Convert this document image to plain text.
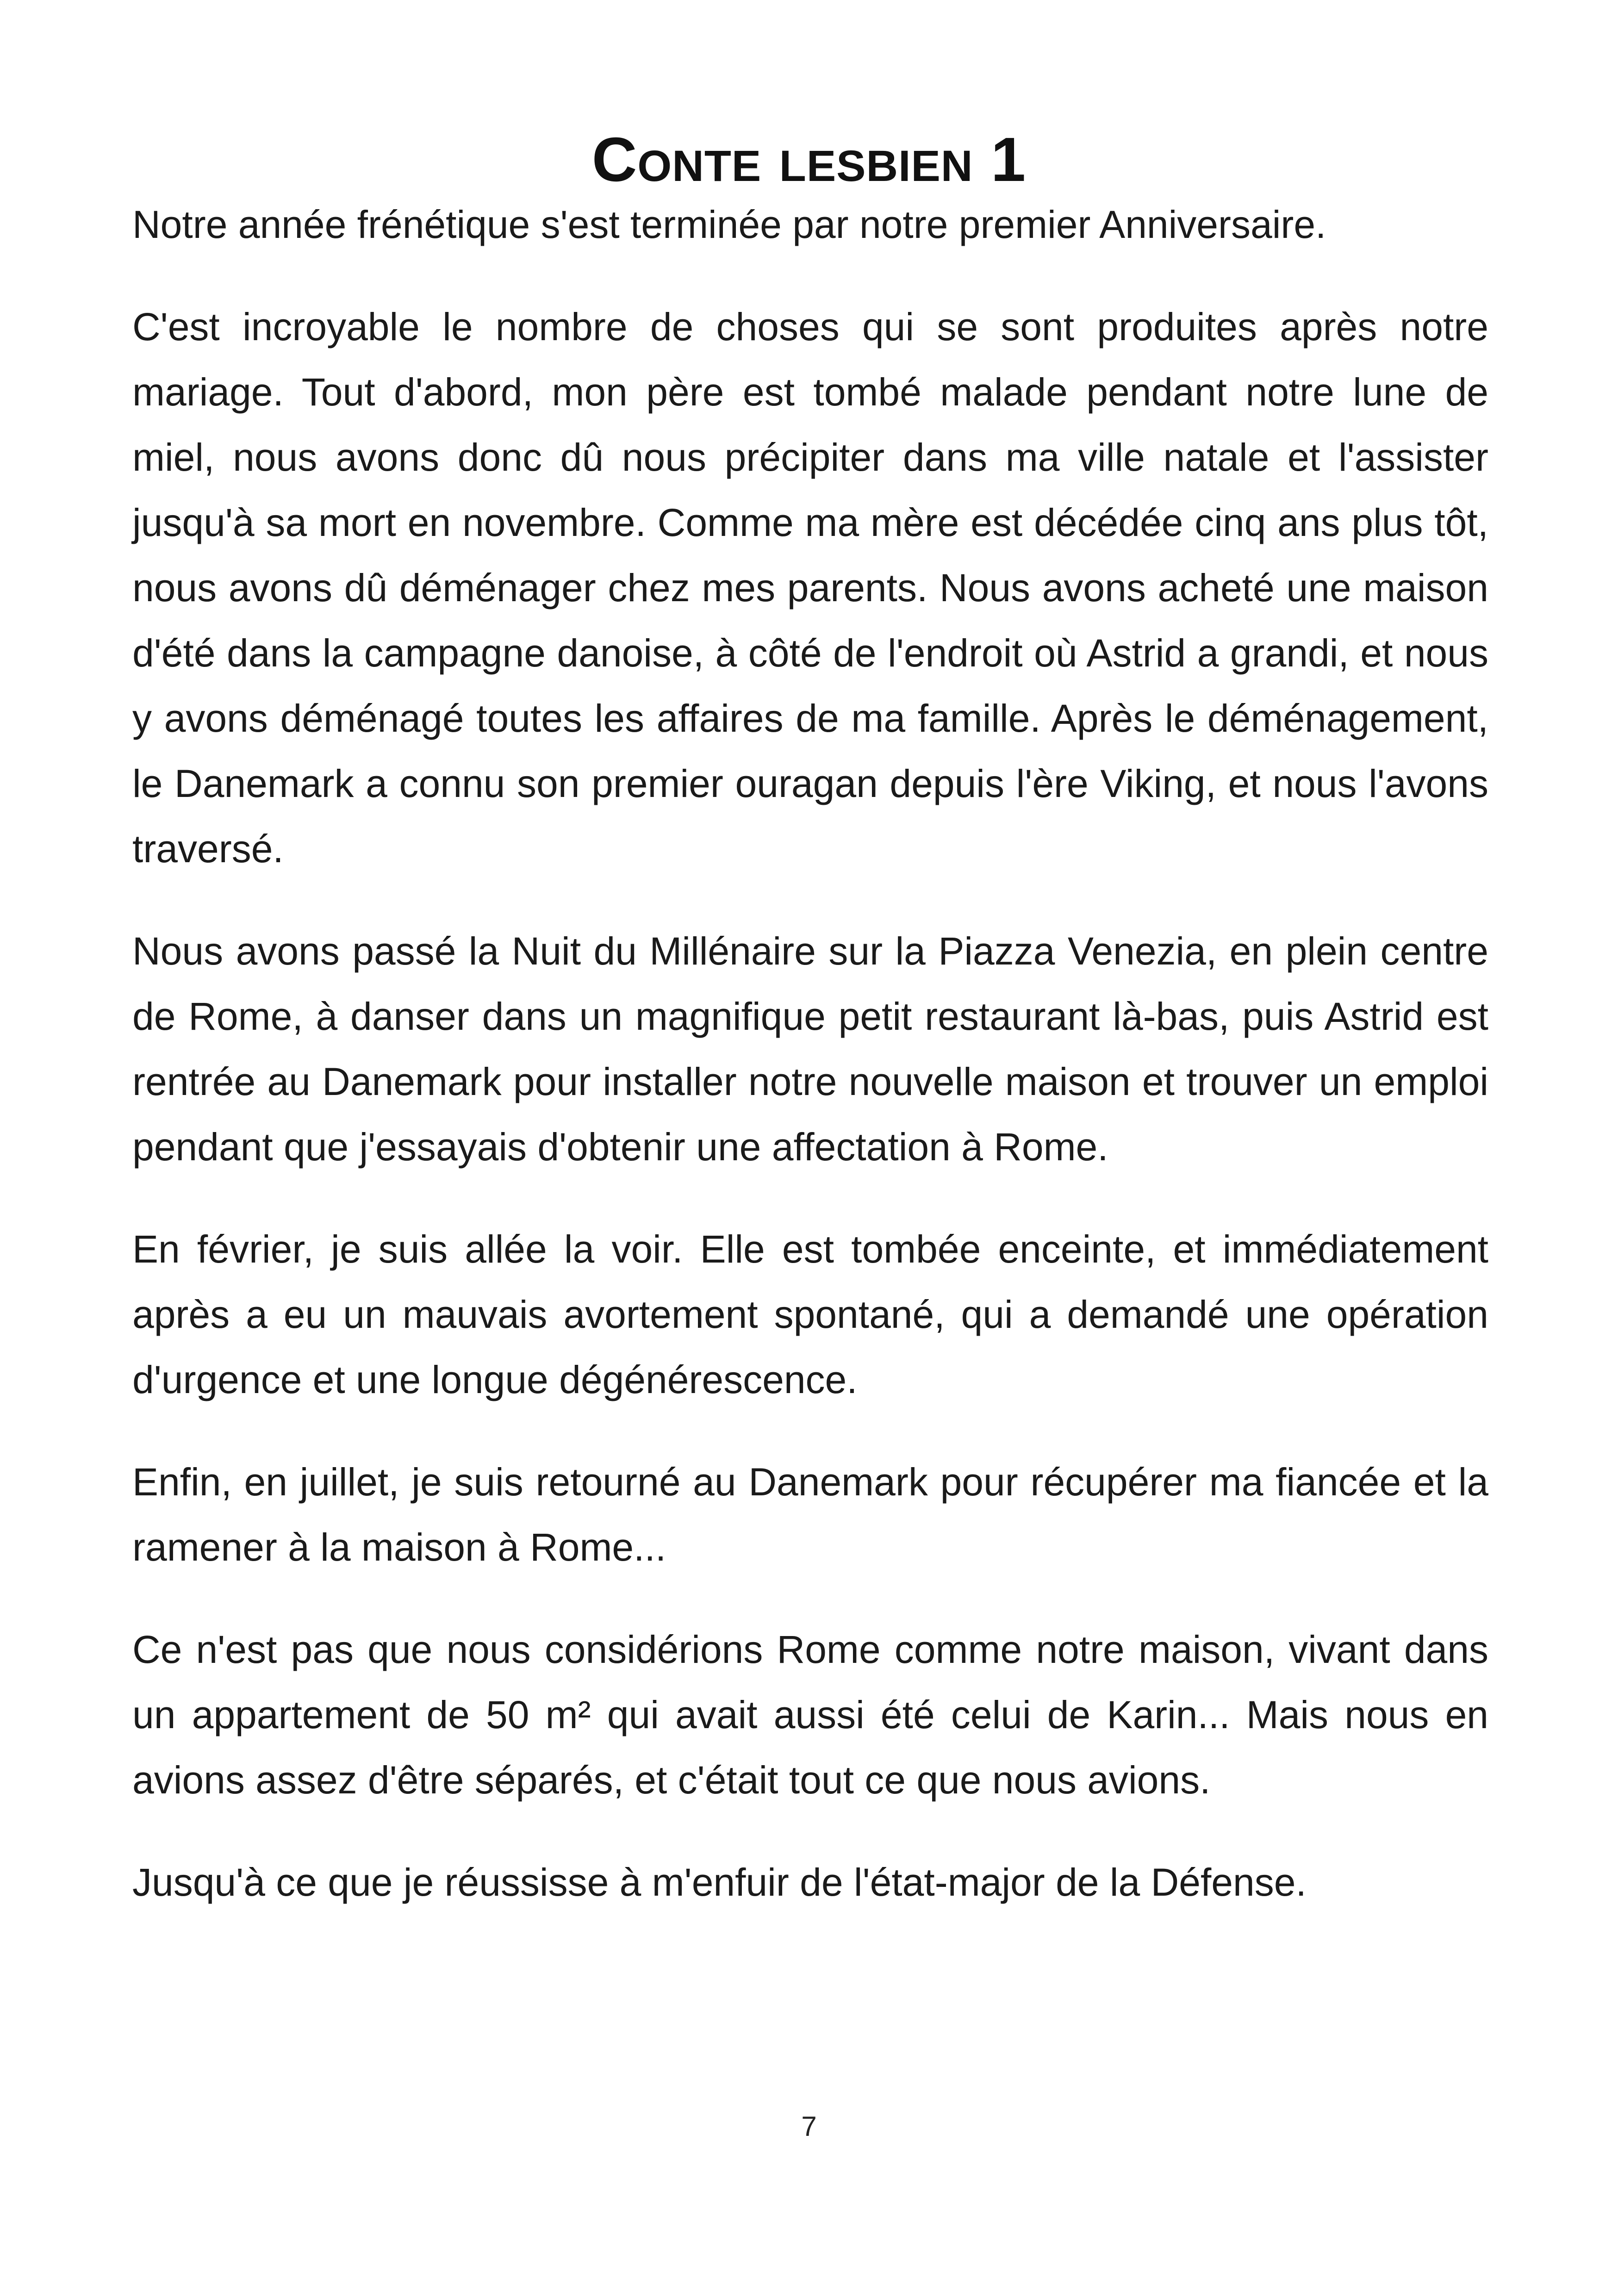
Conte lesbien 1

Notre année frénétique s'est terminée par notre premier Anniversaire.

C'est incroyable le nombre de choses qui se sont produites après notre mariage. Tout d'abord, mon père est tombé malade pendant notre lune de miel, nous avons donc dû nous précipiter dans ma ville natale et l'assister jusqu'à sa mort en novembre. Comme ma mère est décédée cinq ans plus tôt, nous avons dû déménager chez mes parents. Nous avons acheté une maison d'été dans la campagne danoise, à côté de l'endroit où Astrid a grandi, et nous y avons déménagé toutes les affaires de ma famille. Après le déménagement, le Danemark a connu son premier ouragan depuis l'ère Viking, et nous l'avons traversé.

Nous avons passé la Nuit du Millénaire sur la Piazza Venezia, en plein centre de Rome, à danser dans un magnifique petit restaurant là-bas, puis Astrid est rentrée au Danemark pour installer notre nouvelle maison et trouver un emploi pendant que j'essayais d'obtenir une affectation à Rome.

En février, je suis allée la voir. Elle est tombée enceinte, et immédiatement après a eu un mauvais avortement spontané, qui a demandé une opération d'urgence et une longue dégénérescence.

Enfin, en juillet, je suis retourné au Danemark pour récupérer ma fiancée et la ramener à la maison à Rome...

Ce n'est pas que nous considérions Rome comme notre maison, vivant dans un appartement de 50 m² qui avait aussi été celui de Karin... Mais nous en avions assez d'être séparés, et c'était tout ce que nous avions.

Jusqu'à ce que je réussisse à m'enfuir de l'état-major de la Défense.

7
